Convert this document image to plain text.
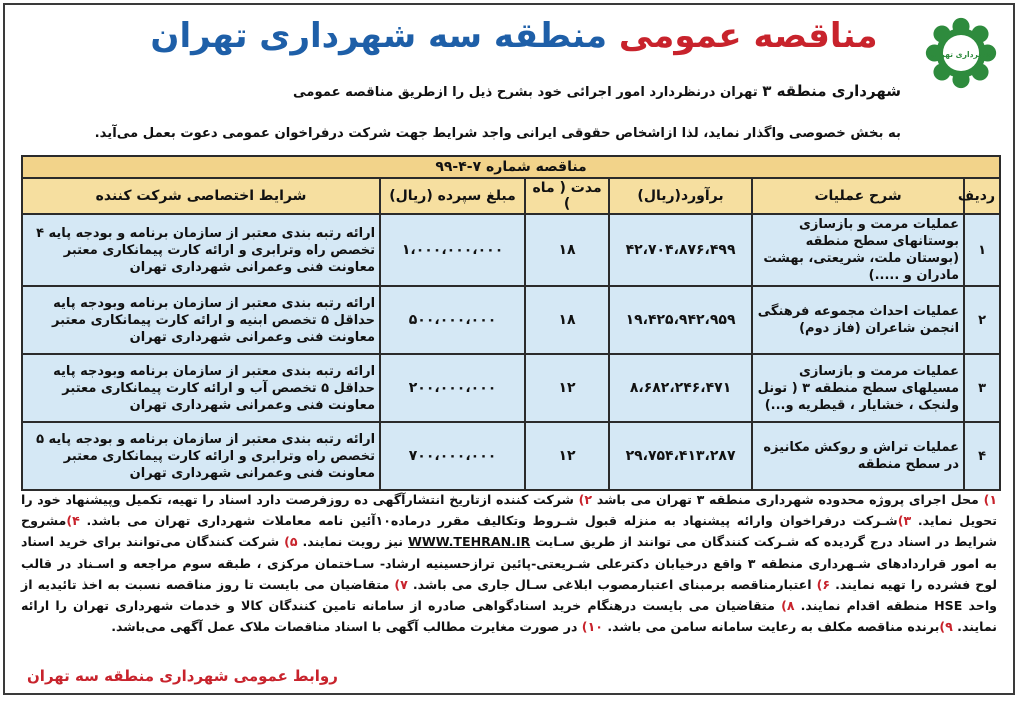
شهرداری تهران
مناقصه عمومی منطقه سه شهرداری تهران
شهرداری منطقه ۳ تهران درنظردارد امور اجرائی خود بشرح ذیل را ازطریق مناقصه عمومی
به بخش خصوصی واگذار نماید، لذا ازاشخاص حقوقی ایرانی واجد شرایط جهت شرکت درفراخوان عمومی دعوت بعمل می‌آید.
مناقصه شماره ۷-۴-۹۹					
ردیف	شرح عملیات	برآورد(ریال)	مدت ( ماه )	مبلغ سپرده (ریال)	شرایط اختصاصی شرکت کننده
۱	عملیات مرمت و بازسازی بوستانهای سطح منطقه (بوستان ملت، شریعتی، بهشت مادران و .....)	۴۲،۷۰۴،۸۷۶،۴۹۹	۱۸	۱،۰۰۰،۰۰۰،۰۰۰	ارائه رتبه بندی معتبر از سازمان برنامه و بودجه پایه ۴ تخصص راه وترابری و ارائه کارت پیمانکاری معتبر معاونت فنی وعمرانی شهرداری تهران
۲	عملیات احداث مجموعه فرهنگی انجمن شاعران (فاز دوم)	۱۹،۴۲۵،۹۴۲،۹۵۹	۱۸	۵۰۰،۰۰۰،۰۰۰	ارائه رتبه بندی معتبر از سازمان برنامه وبودجه پایه حداقل ۵ تخصص ابنیه و ارائه کارت پیمانکاری معتبر معاونت فنی وعمرانی شهرداری تهران
۳	عملیات مرمت و بازسازی مسیلهای سطح منطقه ۳ ( تونل ولنجک ، خشایار ، قیطریه و...)	۸،۶۸۲،۲۴۶،۴۷۱	۱۲	۲۰۰،۰۰۰،۰۰۰	ارائه رتبه بندی معتبر از سازمان برنامه وبودجه پایه حداقل ۵ تخصص آب و ارائه کارت پیمانکاری معتبر معاونت فنی وعمرانی شهرداری تهران
۴	عملیات تراش و روکش مکانیزه در سطح منطقه	۲۹،۷۵۴،۴۱۳،۲۸۷	۱۲	۷۰۰،۰۰۰،۰۰۰	ارائه رتبه بندی معتبر از سازمان برنامه و بودجه پایه ۵ تخصص راه وترابری و ارائه کارت پیمانکاری معتبر معاونت فنی وعمرانی شهرداری تهران
۱) محل اجرای پروژه محدوده شهرداری منطقه ۳ تهران می باشد ۲) شرکت کننده ازتاریخ انتشارآگهی ده روزفرصت دارد اسناد را تهیه، تکمیل وپیشنهاد خود را تحویل نماید. ۳)شـرکت درفراخوان وارائه پیشنهاد به منزله قبول شـروط وتکالیف مقرر درماده۱۰آئین نامه معاملات شهرداری تهران می باشد. ۴)مشروح شرایط در اسناد درج گردیده که شـرکت کنندگان می توانند از طریق سـایت WWW.TEHRAN.IR نیز رویت نمایند. ۵) شرکت کنندگان می‌توانند برای خرید اسناد به امور قراردادهای شـهرداری منطقه ۳ واقع درخیابان دکترعلی شـریعتی-پائین ترازحسینیه ارشاد- سـاختمان مرکزی ، طبقه سوم مراجعه و اسـناد در قالب لوح فشرده را تهیه نمایند. ۶) اعتبارمناقصه برمبنای اعتبارمصوب ابلاغی سـال جاری می باشد. ۷) متقاضیان می بایست تا روز مناقصه نسبت به اخذ تائیدیه از واحد HSE منطقه اقدام نمایند. ۸) متقاضیان می بایست درهنگام خرید اسنادگواهی صادره از سامانه تامین کنندگان کالا و خدمات شهرداری تهران را ارائه نمایند. ۹)برنده مناقصه مکلف به رعایت سامانه سامن می باشد. ۱۰) در صورت مغایرت مطالب آگهی با اسناد مناقصات ملاک عمل آگهی می‌باشد.
روابط عمومی شهرداری منطقه سه تهران
